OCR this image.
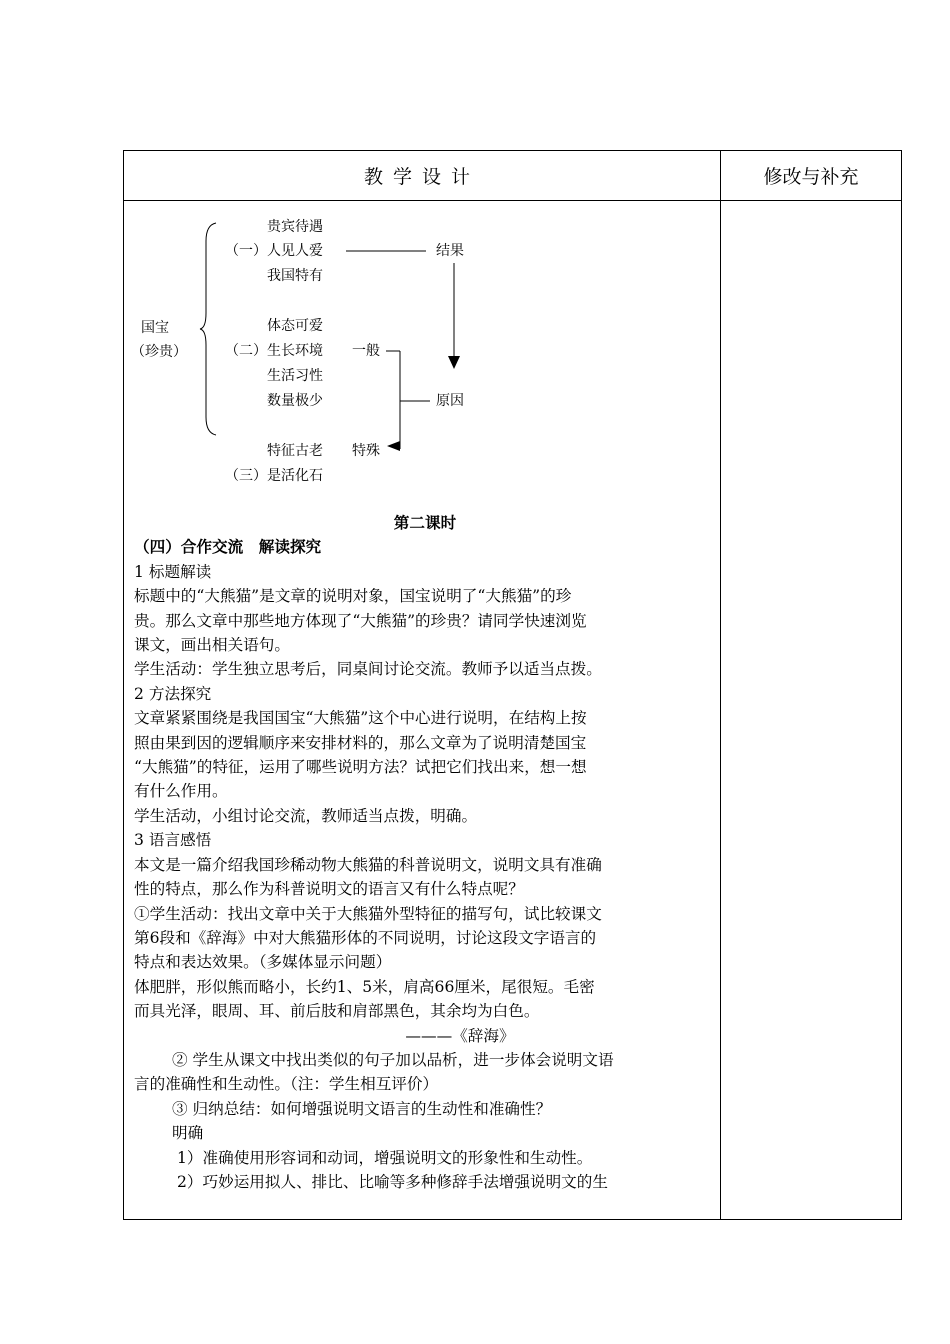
教学设计	修改与补充
国宝
（珍贵）
贵宾待遇
（一） 人见人爱
我国特有
结果
体态可爱
（二） 生长环境 一般
生活习性
数量极少	原因
特征古老 特殊
（三） 是活化石

第二课时

（四）合作交流　解读探究

1 标题解读

标题中的“大熊猫”是文章的说明对象，国宝说明了“大熊猫”的珍

贵。那么文章中那些地方体现了“大熊猫”的珍贵？请同学快速浏览

课文，画出相关语句。

学生活动：学生独立思考后，同桌间讨论交流。教师予以适当点拨。

2 方法探究

文章紧紧围绕是我国国宝“大熊猫”这个中心进行说明，在结构上按

照由果到因的逻辑顺序来安排材料的，那么文章为了说明清楚国宝

“大熊猫”的特征，运用了哪些说明方法？试把它们找出来，想一想

有什么作用。

学生活动，小组讨论交流，教师适当点拨，明确。

3 语言感悟

本文是一篇介绍我国珍稀动物大熊猫的科普说明文，说明文具有准确

性的特点，那么作为科普说明文的语言又有什么特点呢？

①学生活动：找出文章中关于大熊猫外型特征的描写句，试比较课文

第6段和《辞海》中对大熊猫形体的不同说明，讨论这段文字语言的

特点和表达效果。（多媒体显示问题）

体肥胖，形似熊而略小，长约1、5米，肩高66厘米，尾很短。毛密

而具光泽，眼周、耳、前后肢和肩部黑色，其余均为白色。

———《辞海》

② 学生从课文中找出类似的句子加以品析，进一步体会说明文语

言的准确性和生动性。（注：学生相互评价）

③ 归纳总结：如何增强说明文语言的生动性和准确性？

明确

1）准确使用形容词和动词，增强说明文的形象性和生动性。

2）巧妙运用拟人、排比、比喻等多种修辞手法增强说明文的生
